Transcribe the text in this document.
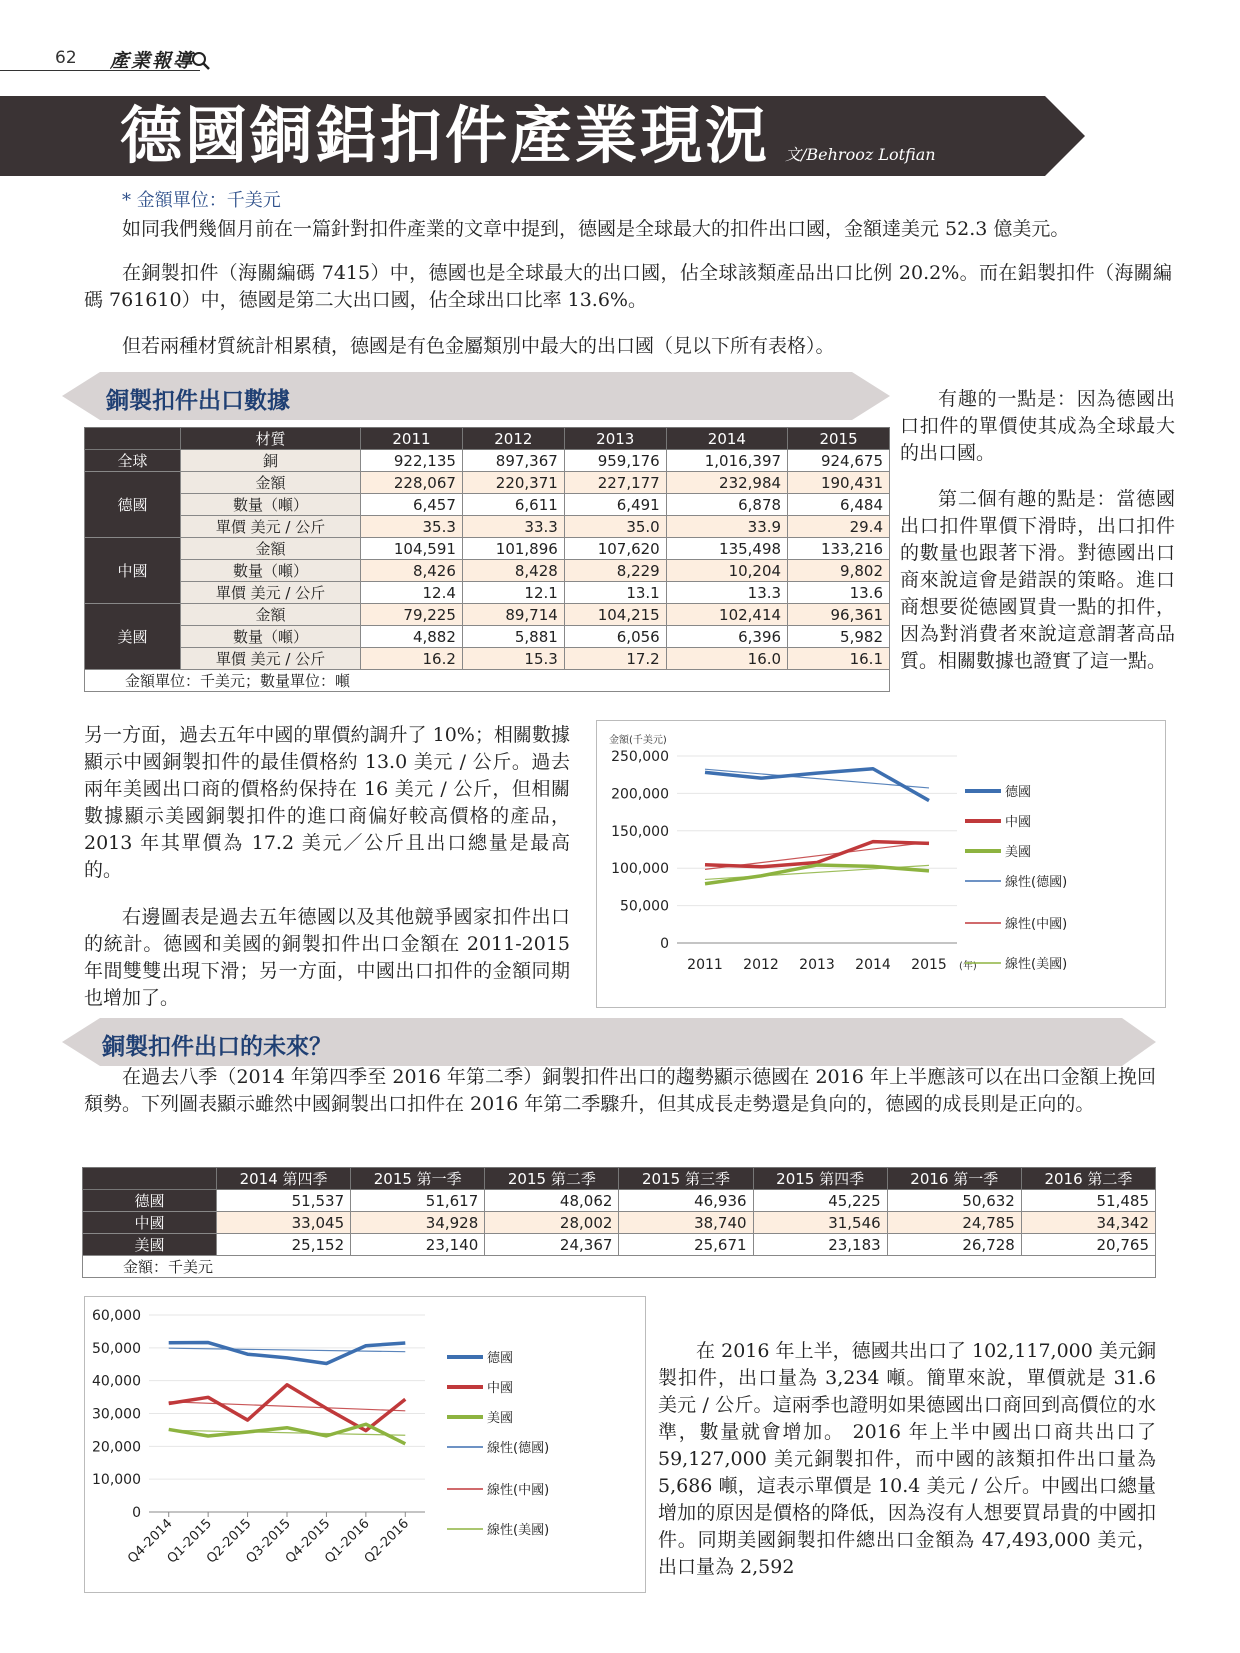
62 產業報導
德國銅鋁扣件產業現況 文/Behrooz Lotfian
* 金額單位：千美元
如同我們幾個月前在一篇針對扣件產業的文章中提到，德國是全球最大的扣件出口國，金額達美元 52.3 億美元。
在銅製扣件（海關編碼 7415）中，德國也是全球最大的出口國，佔全球該類產品出口比例 20.2%。而在鋁製扣件（海關編碼 761610）中，德國是第二大出口國，佔全球出口比率 13.6%。
但若兩種材質統計相累積，德國是有色金屬類別中最大的出口國（見以下所有表格）。
銅製扣件出口數據	有趣的一點是：因為德國出口扣件的單價使其成為全球最大的出口國。
第二個有趣的點是：當德國出口扣件單價下滑時，出口扣件的數量也跟著下滑。對德國出口商來說這會是錯誤的策略。進口商想要從德國買貴一點的扣件，因為對消費者來說這意謂著高品質。相關數據也證實了這一點。
	材質	2011	2012	2013	2014	2015
全球	銅	922,135	897,367	959,176	1,016,397	924,675
德國	金額	228,067	220,371	227,177	232,984	190,431
	數量（噸）	6,457	6,611	6,491	6,878	6,484
	單價 美元 / 公斤	35.3	33.3	35.0	33.9	29.4
中國	金額	104,591	101,896	107,620	135,498	133,216
	數量（噸）	8,426	8,428	8,229	10,204	9,802
	單價 美元 / 公斤	12.4	12.1	13.1	13.3	13.6
美國	金額	79,225	89,714	104,215	102,414	96,361
	數量（噸）	4,882	5,881	6,056	6,396	5,982
	單價 美元 / 公斤	16.2	15.3	17.2	16.0	16.1
金額單位：千美元；數量單位：噸						
另一方面，過去五年中國的單價約調升了 10%；相關數據顯示中國銅製扣件的最佳價格約 13.0 美元 / 公斤。過去兩年美國出口商的價格約保持在 16 美元 / 公斤，但相關數據顯示美國銅製扣件的進口商偏好較高價格的產品，2013 年其單價為 17.2 美元／公斤且出口總量是最高的。
右邊圖表是過去五年德國以及其他競爭國家扣件出口的統計。德國和美國的銅製扣件出口金額在 2011-2015 年間雙雙出現下滑；另一方面，中國出口扣件的金額同期也增加了。
0
50,000
100,000
150,000
200,000
250,000
金額(千美元)
2011 2012 2013 2014 2015 (年)
德國
中國
美國
線性(德國)
線性(中國)
線性(美國)
銅製扣件出口的未來？
在過去八季（2014 年第四季至 2016 年第二季）銅製扣件出口的趨勢顯示德國在 2016 年上半應該可以在出口金額上挽回頹勢。下列圖表顯示雖然中國銅製出口扣件在 2016 年第二季驟升，但其成長走勢還是負向的，德國的成長則是正向的。
	2014 第四季	2015 第一季	2015 第二季	2015 第三季	2015 第四季	2016 第一季	2016 第二季
德國	51,537	51,617	48,062	46,936	45,225	50,632	51,485
中國	33,045	34,928	28,002	38,740	31,546	24,785	34,342
美國	25,152	23,140	24,367	25,671	23,183	26,728	20,765
金額：千美元							
0
10,000
20,000
30,000
40,000
50,000
60,000
Q4-2014
Q1-2015
Q2-2015
Q3-2015
Q4-2015
Q1-2016
Q2-2016
德國
中國
美國
線性(德國)
線性(中國)
線性(美國)
在 2016 年上半，德國共出口了 102,117,000 美元銅製扣件，出口量為 3,234 噸。簡單來說，單價就是 31.6 美元 / 公斤。這兩季也證明如果德國出口商回到高價位的水準，數量就會增加。 2016 年上半中國出口商共出口了 59,127,000 美元銅製扣件，而中國的該類扣件出口量為 5,686 噸，這表示單價是 10.4 美元 / 公斤。中國出口總量增加的原因是價格的降低，因為沒有人想要買昂貴的中國扣件。同期美國銅製扣件總出口金額為 47,493,000 美元，出口量為 2,592
